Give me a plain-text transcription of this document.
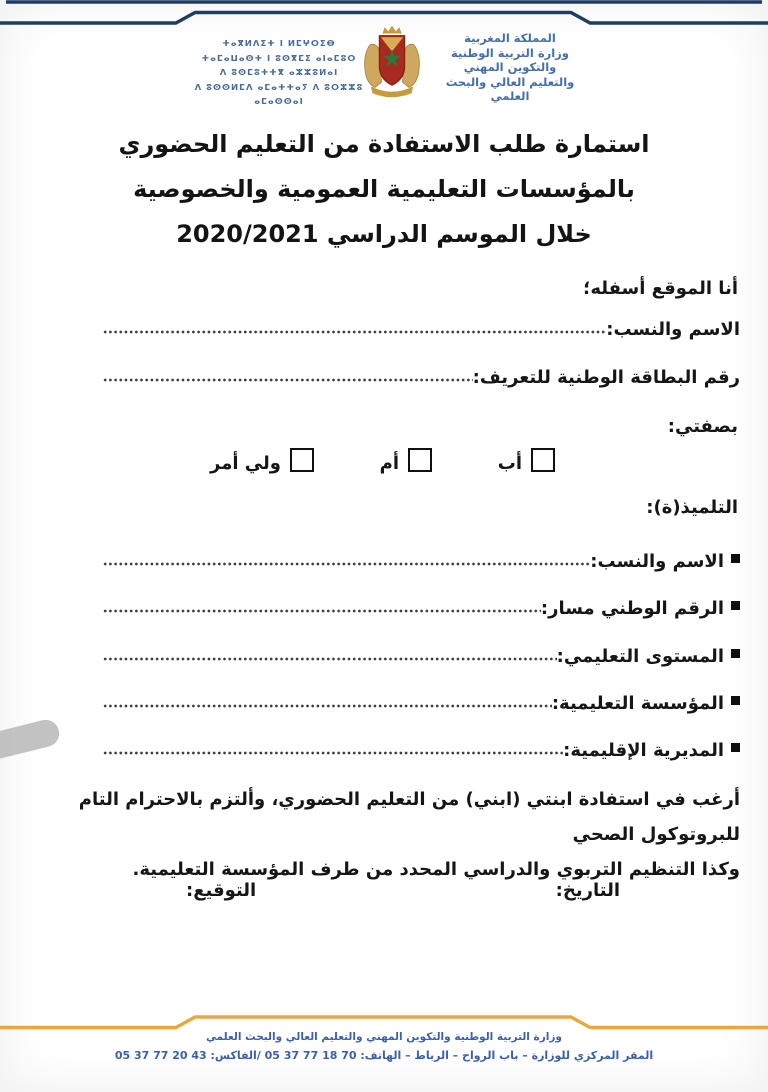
ⵜⴰⴳⵍⴷⵉⵜ ⵏ ⵍⵎⵖⵔⵉⴱ
ⵜⴰⵎⴰⵡⴰⵙⵜ ⵏ ⵓⵙⴳⵎⵉ ⴰⵏⴰⵎⵓⵔ
ⴷ ⵓⵙⵎⵓⵜⵜⴳ ⴰⵣⵣⵓⵍⴰⵏ
ⴷ ⵓⵙⵙⵍⵎⴷ ⴰⵎⴰⵜⵜⴰⵢ ⴷ ⵓⵔⵣⵣⵓ ⴰⵎⴰⵙⵙⴰⵏ
المملكة المغربية
وزارة التربية الوطنية
والتكوين المهني
والتعليم العالي والبحث العلمي
استمارة طلب الاستفادة من التعليم الحضوري
بالمؤسسات التعليمية العمومية والخصوصية
خلال الموسم الدراسي 2020/2021
أنا الموقع أسفله؛
الاسم والنسب:
رقم البطاقة الوطنية للتعريف:
بصفتي:
أب
أم
ولي أمر
التلميذ(ة):
الاسم والنسب:
الرقم الوطني مسار:
المستوى التعليمي:
المؤسسة التعليمية:
المديرية الإقليمية:
أرغب في استفادة ابنتي (ابني) من التعليم الحضوري، وألتزم بالاحترام التام للبروتوكول الصحي
وكذا التنظيم التربوي والدراسي المحدد من طرف المؤسسة التعليمية.
التاريخ:
التوقيع:
وزارة التربية الوطنية والتكوين المهني والتعليم العالي والبحث العلمي
المقر المركزي للوزارة – باب الرواح – الرباط – الهاتف: 05 37 77 18 70 /الفاكس: 05 37 77 20 43
